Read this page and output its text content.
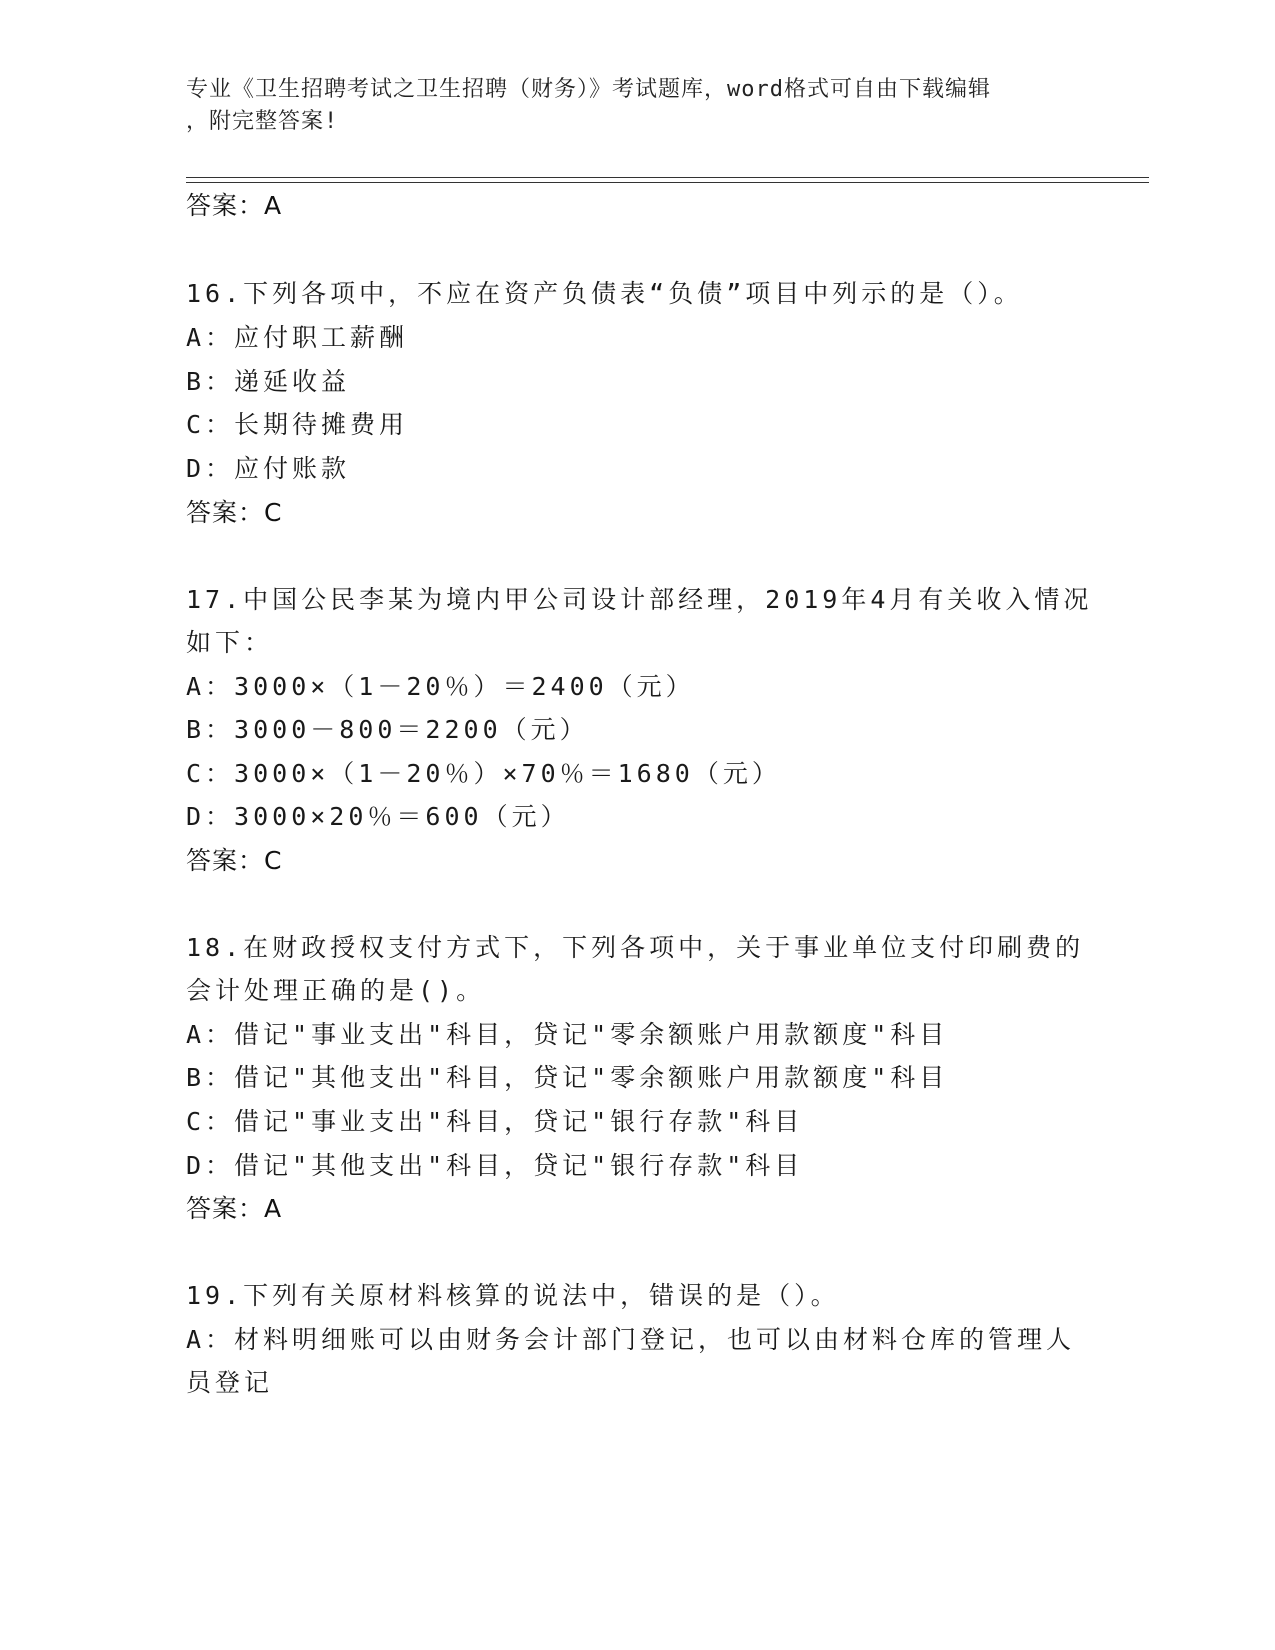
专业《卫生招聘考试之卫生招聘（财务）》考试题库，word格式可自由下载编辑
，附完整答案!
答案：A
16.下列各项中，不应在资产负债表“负债”项目中列示的是（）。
A：应付职工薪酬
B：递延收益
C：长期待摊费用
D：应付账款
答案：C
17.中国公民李某为境内甲公司设计部经理，2019年4月有关收入情况
如下：
A：3000×（1－20％）＝2400（元）
B：3000－800＝2200（元）
C：3000×（1－20％）×70％＝1680（元）
D：3000×20％＝600（元）
答案：C
18.在财政授权支付方式下，下列各项中，关于事业单位支付印刷费的
会计处理正确的是()。
A：借记"事业支出"科目，贷记"零余额账户用款额度"科目
B：借记"其他支出"科目，贷记"零余额账户用款额度"科目
C：借记"事业支出"科目，贷记"银行存款"科目
D：借记"其他支出"科目，贷记"银行存款"科目
答案：A
19.下列有关原材料核算的说法中，错误的是（）。
A：材料明细账可以由财务会计部门登记，也可以由材料仓库的管理人
员登记
